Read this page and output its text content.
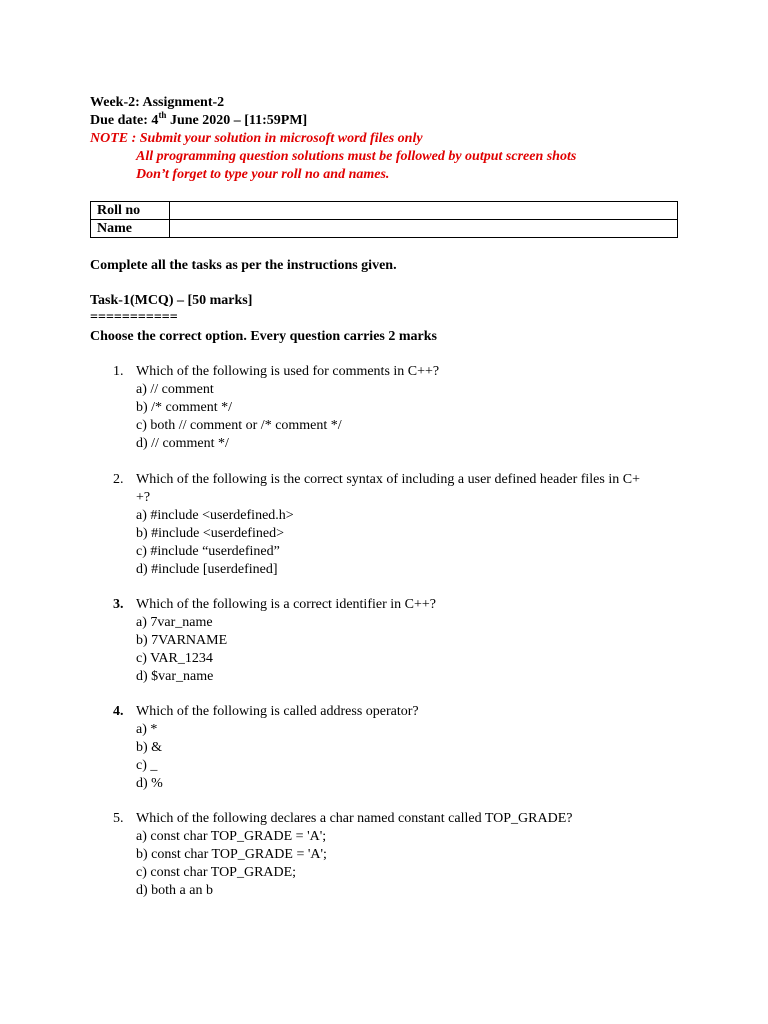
Week-2: Assignment-2
Due date: 4th June 2020 – [11:59PM]
NOTE : Submit your solution in microsoft word files only
All programming question solutions must be followed by output screen shots
Don’t forget to type your roll no and names.
Roll no	
Name	
Complete all the tasks as per the instructions given.
Task-1(MCQ) – [50 marks]
===========
Choose the correct option. Every question carries 2 marks
1. Which of the following is used for comments in C++?
a) // comment
b) /* comment */
c) both // comment or /* comment */
d) // comment */
2. Which of the following is the correct syntax of including a user defined header files in C+
+?
a) #include <userdefined.h>
b) #include <userdefined>
c) #include “userdefined”
d) #include [userdefined]
3. Which of the following is a correct identifier in C++?
a) 7var_name
b) 7VARNAME
c) VAR_1234
d) $var_name
4. Which of the following is called address operator?
a) *
b) &
c) _
d) %
5. Which of the following declares a char named constant called TOP_GRADE?
a) const char TOP_GRADE = 'A';
b) const char TOP_GRADE = 'A';
c) const char TOP_GRADE;
d) both a an b
